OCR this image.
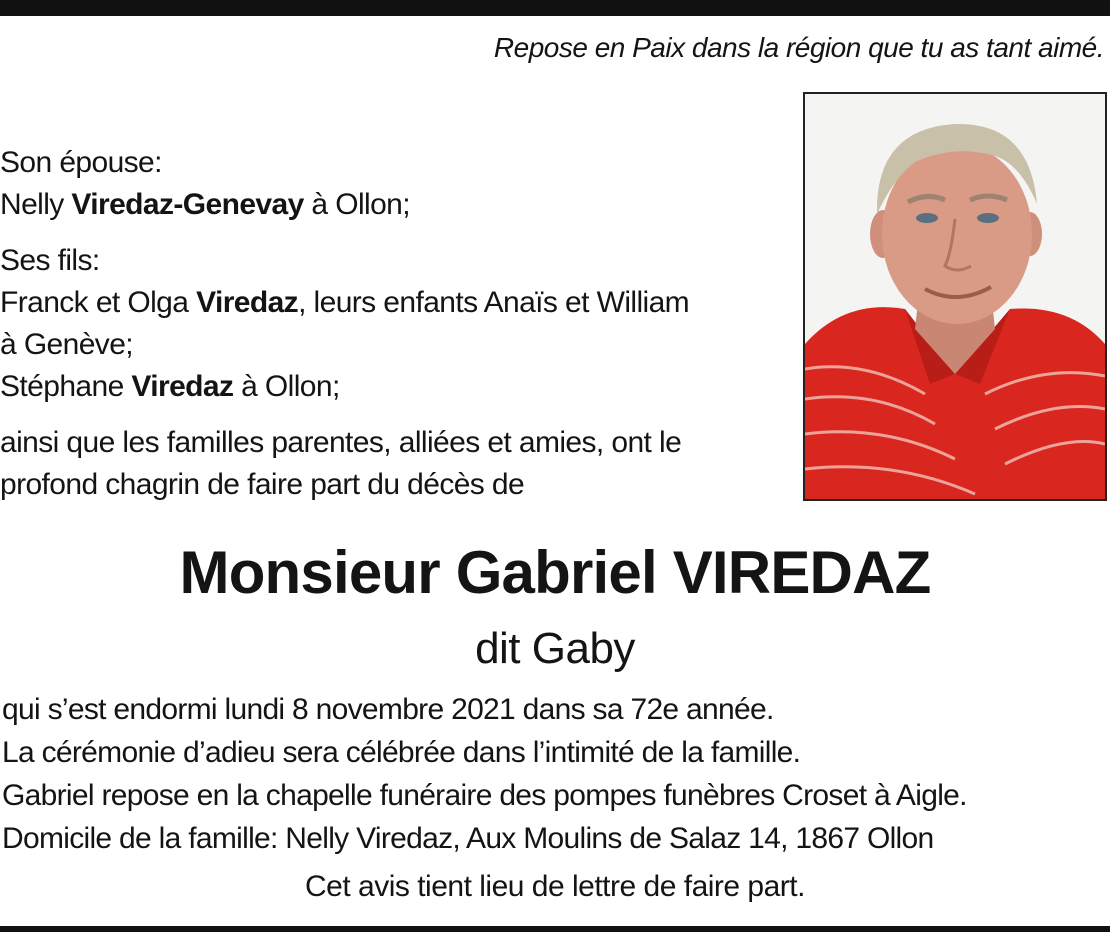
Repose en Paix dans la région que tu as tant aimé.
Son épouse:
Nelly Viredaz-Genevay à Ollon;
Ses fils:
Franck et Olga Viredaz, leurs enfants Anaïs et William
à Genève;
Stéphane Viredaz à Ollon;
ainsi que les familles parentes, alliées et amies, ont le
profond chagrin de faire part du décès de
Monsieur Gabriel VIREDAZ
dit Gaby
qui s’est endormi lundi 8 novembre 2021 dans sa 72e année.
La cérémonie d’adieu sera célébrée dans l’intimité de la famille.
Gabriel repose en la chapelle funéraire des pompes funèbres Croset à Aigle.
Domicile de la famille: Nelly Viredaz, Aux Moulins de Salaz 14, 1867 Ollon
Cet avis tient lieu de lettre de faire part.
